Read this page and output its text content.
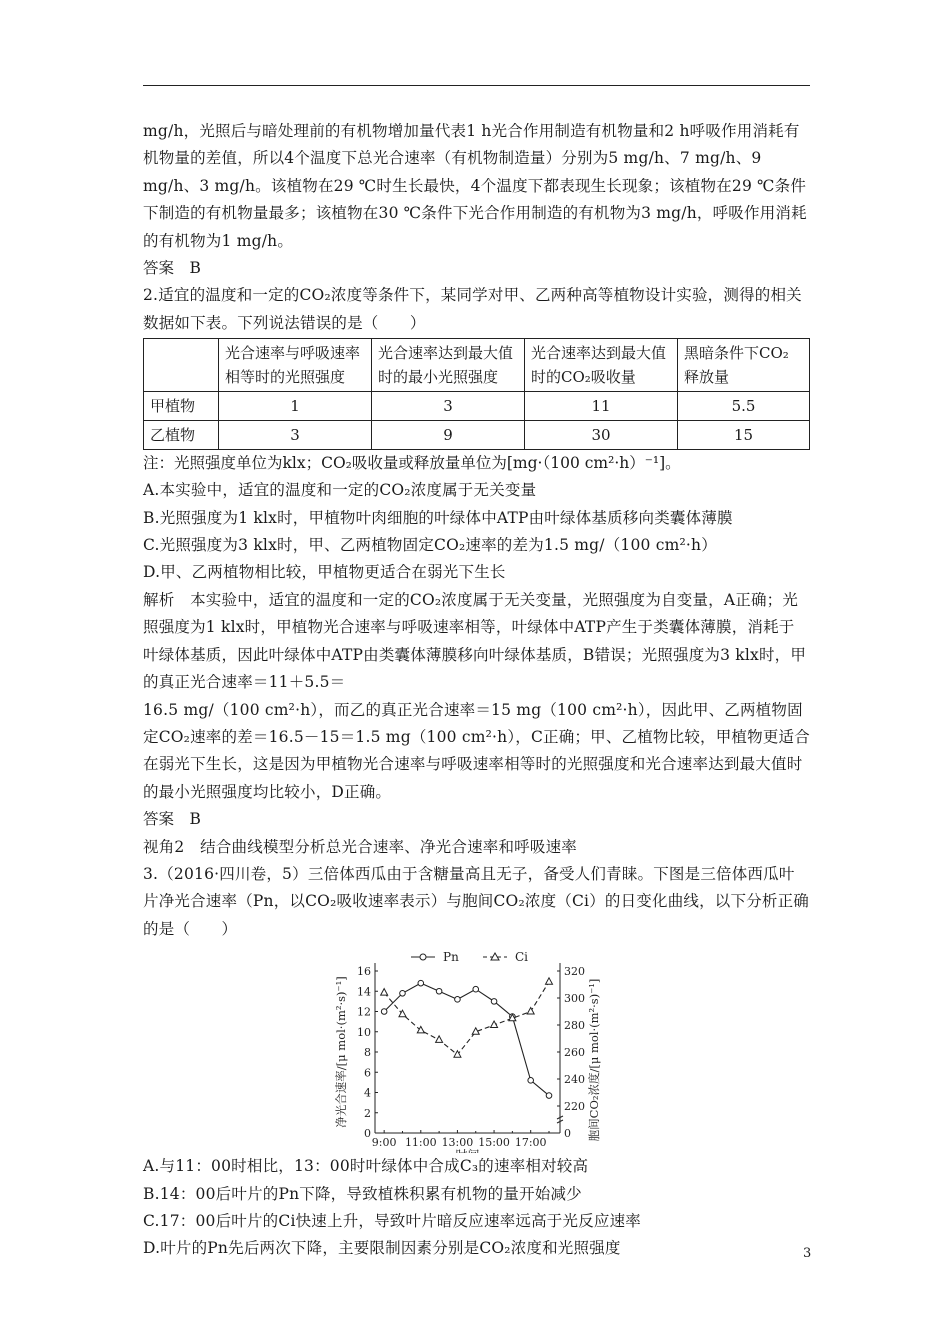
mg/h，光照后与暗处理前的有机物增加量代表1 h光合作用制造有机物量和2 h呼吸作用消耗有机物量的差值，所以4个温度下总光合速率（有机物制造量）分别为5 mg/h、7 mg/h、9 mg/h、3 mg/h。该植物在29 ℃时生长最快，4个温度下都表现生长现象；该植物在29 ℃条件下制造的有机物量最多；该植物在30 ℃条件下光合作用制造的有机物为3 mg/h，呼吸作用消耗的有机物为1 mg/h。

答案　B

2.适宜的温度和一定的CO₂浓度等条件下，某同学对甲、乙两种高等植物设计实验，测得的相关数据如下表。下列说法错误的是（　　）

	光合速率与呼吸速率相等时的光照强度	光合速率达到最大值时的最小光照强度	光合速率达到最大值时的CO₂吸收量	黑暗条件下CO₂释放量
甲植物	1	3	11	5.5
乙植物	3	9	30	15

注：光照强度单位为klx；CO₂吸收量或释放量单位为[mg·（100 cm²·h）⁻¹]。

A.本实验中，适宜的温度和一定的CO₂浓度属于无关变量

B.光照强度为1 klx时，甲植物叶肉细胞的叶绿体中ATP由叶绿体基质移向类囊体薄膜

C.光照强度为3 klx时，甲、乙两植物固定CO₂速率的差为1.5 mg/（100 cm²·h）

D.甲、乙两植物相比较，甲植物更适合在弱光下生长

解析　本实验中，适宜的温度和一定的CO₂浓度属于无关变量，光照强度为自变量，A正确；光照强度为1 klx时，甲植物光合速率与呼吸速率相等，叶绿体中ATP产生于类囊体薄膜，消耗于叶绿体基质，因此叶绿体中ATP由类囊体薄膜移向叶绿体基质，B错误；光照强度为3 klx时，甲的真正光合速率＝11＋5.5＝

16.5 mg/（100 cm²·h），而乙的真正光合速率＝15 mg（100 cm²·h），因此甲、乙两植物固定CO₂速率的差＝16.5－15＝1.5 mg（100 cm²·h），C正确；甲、乙植物比较，甲植物更适合在弱光下生长，这是因为甲植物光合速率与呼吸速率相等时的光照强度和光合速率达到最大值时的最小光照强度均比较小，D正确。

答案　B

视角2　结合曲线模型分析总光合速率、净光合速率和呼吸速率

3.（2016·四川卷，5）三倍体西瓜由于含糖量高且无子，备受人们青睐。下图是三倍体西瓜叶片净光合速率（Pn，以CO₂吸收速率表示）与胞间CO₂浓度（Ci）的日变化曲线，以下分析正确的是（　　）

0
2
4
6
8
10
12
14
16
0
220
240
260
280
300
320
9:00 11:00 13:00 15:00 17:00
净光合速率/[μ mol·(m²·s)⁻¹]	胞间CO₂浓度/[μ mol·(m²·s)⁻¹]
Pn	Ci

A.与11：00时相比，13：00时叶绿体中合成C₃的速率相对较高

B.14：00后叶片的Pn下降，导致植株积累有机物的量开始减少

C.17：00后叶片的Ci快速上升，导致叶片暗反应速率远高于光反应速率

D.叶片的Pn先后两次下降，主要限制因素分别是CO₂浓度和光照强度	3
